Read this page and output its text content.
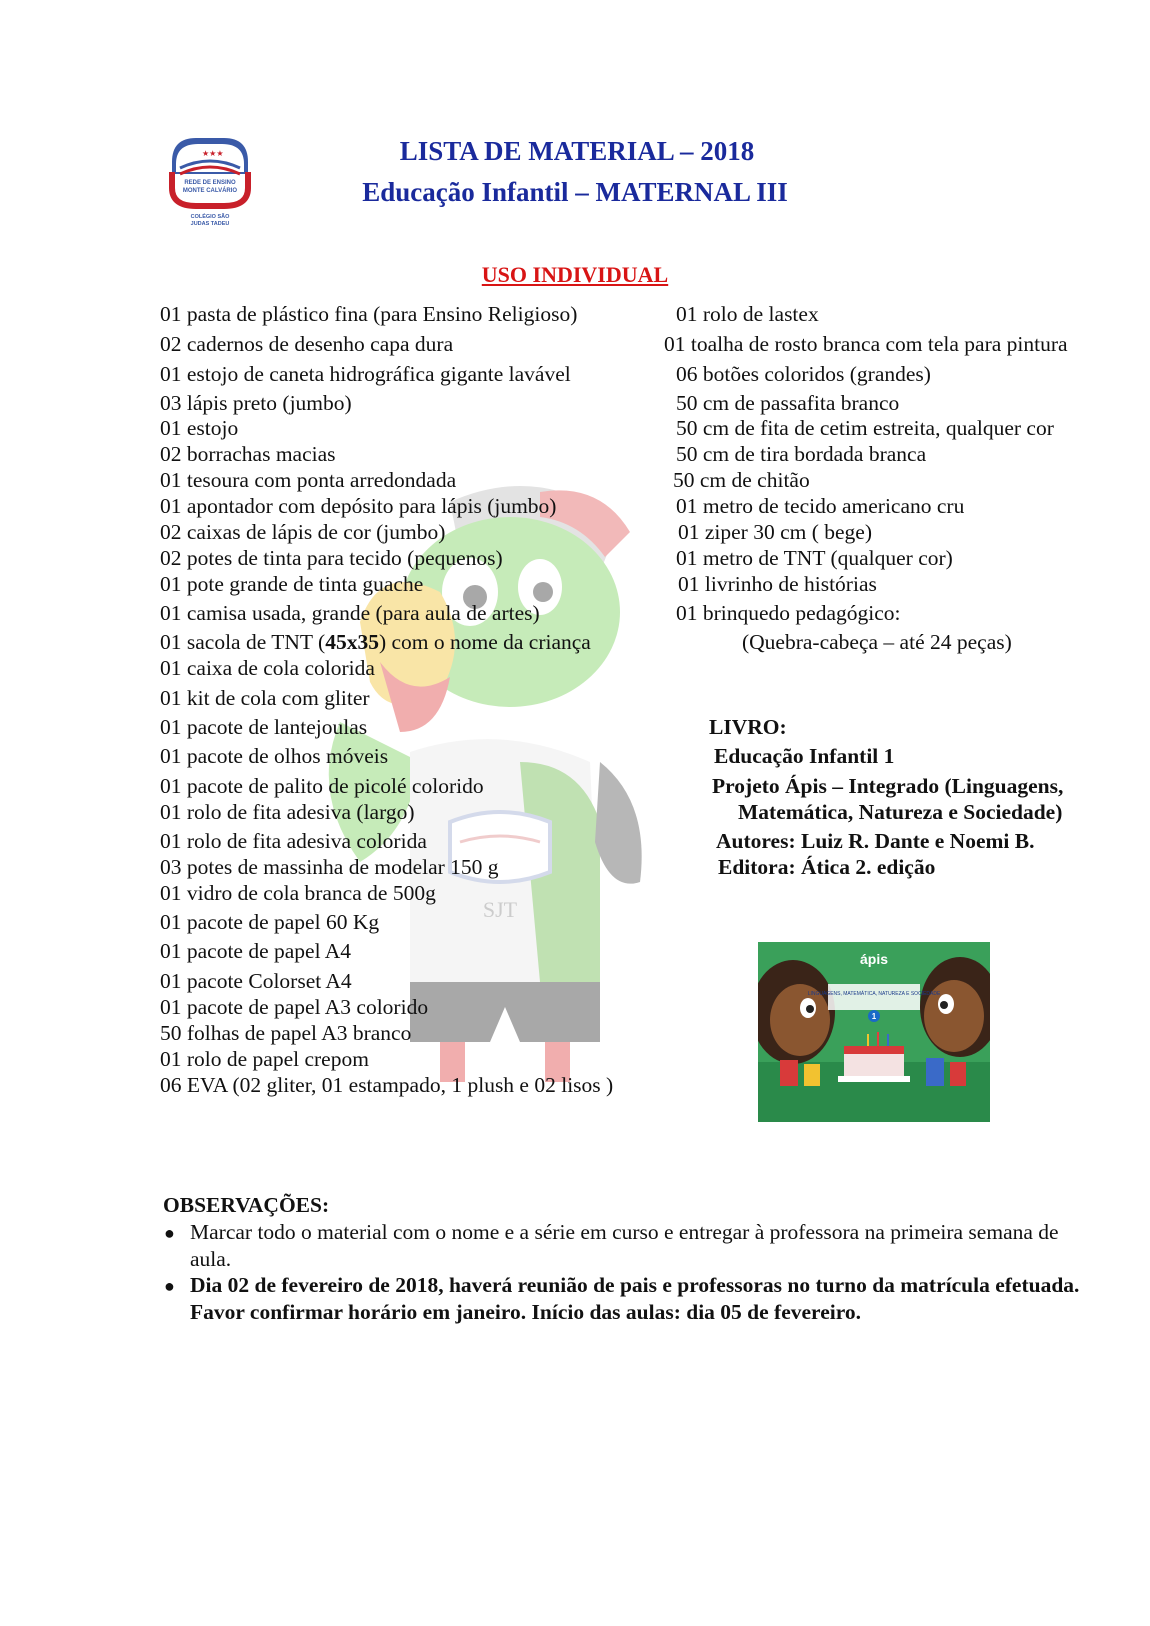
★★★
REDE DE ENSINO
MONTE CALVÁRIO
COLÉGIO SÃO
JUDAS TADEU
LISTA DE MATERIAL – 2018
Educação Infantil – MATERNAL III
USO INDIVIDUAL
SJT
01 pasta de plástico fina (para Ensino Religioso)
02 cadernos de desenho capa dura
01 estojo de caneta hidrográfica gigante lavável
03 lápis preto (jumbo)
01 estojo
02 borrachas macias
01 tesoura com ponta arredondada
01 apontador com depósito para lápis (jumbo)
02 caixas de lápis de cor (jumbo)
02 potes de tinta para tecido (pequenos)
01 pote grande de tinta guache
01 camisa usada, grande (para aula de artes)
01 sacola de TNT (45x35) com o nome da criança
01 caixa de cola colorida
01 kit de cola com gliter
01 pacote de lantejoulas
01 pacote de olhos móveis
01 pacote de palito de picolé colorido
01 rolo de fita adesiva (largo)
01 rolo de fita adesiva colorida
03 potes de massinha de modelar 150 g
01 vidro de cola branca de 500g
01 pacote de papel 60 Kg
01 pacote de papel A4
01 pacote Colorset A4
01 pacote de papel A3 colorido
50 folhas de papel A3 branco
01 rolo de papel crepom
06 EVA (02 gliter, 01 estampado, 1 plush e 02 lisos )
01 rolo de lastex
01 toalha de rosto branca com tela para pintura
06 botões coloridos (grandes)
50 cm de passafita branco
50 cm de fita de cetim estreita, qualquer cor
50 cm de tira bordada branca
50 cm de chitão
01 metro de tecido americano cru
01 ziper 30 cm ( bege)
01 metro de TNT (qualquer cor)
01 livrinho de histórias
01 brinquedo pedagógico:
(Quebra-cabeça – até 24 peças)
LIVRO:
Educação Infantil 1
Projeto Ápis – Integrado (Linguagens,
Matemática, Natureza e Sociedade)
Autores: Luiz R. Dante e Noemi B.
Editora: Ática 2. edição
ápis
LINGUAGENS, MATEMÁTICA, NATUREZA E SOCIEDADE
1
OBSERVAÇÕES:
● Marcar todo o material com o nome e a série em curso e entregar à professora na primeira semana de aula.
● Dia 02 de fevereiro de 2018, haverá reunião de pais e professoras no turno da matrícula efetuada. Favor confirmar horário em janeiro. Início das aulas: dia 05 de fevereiro.
